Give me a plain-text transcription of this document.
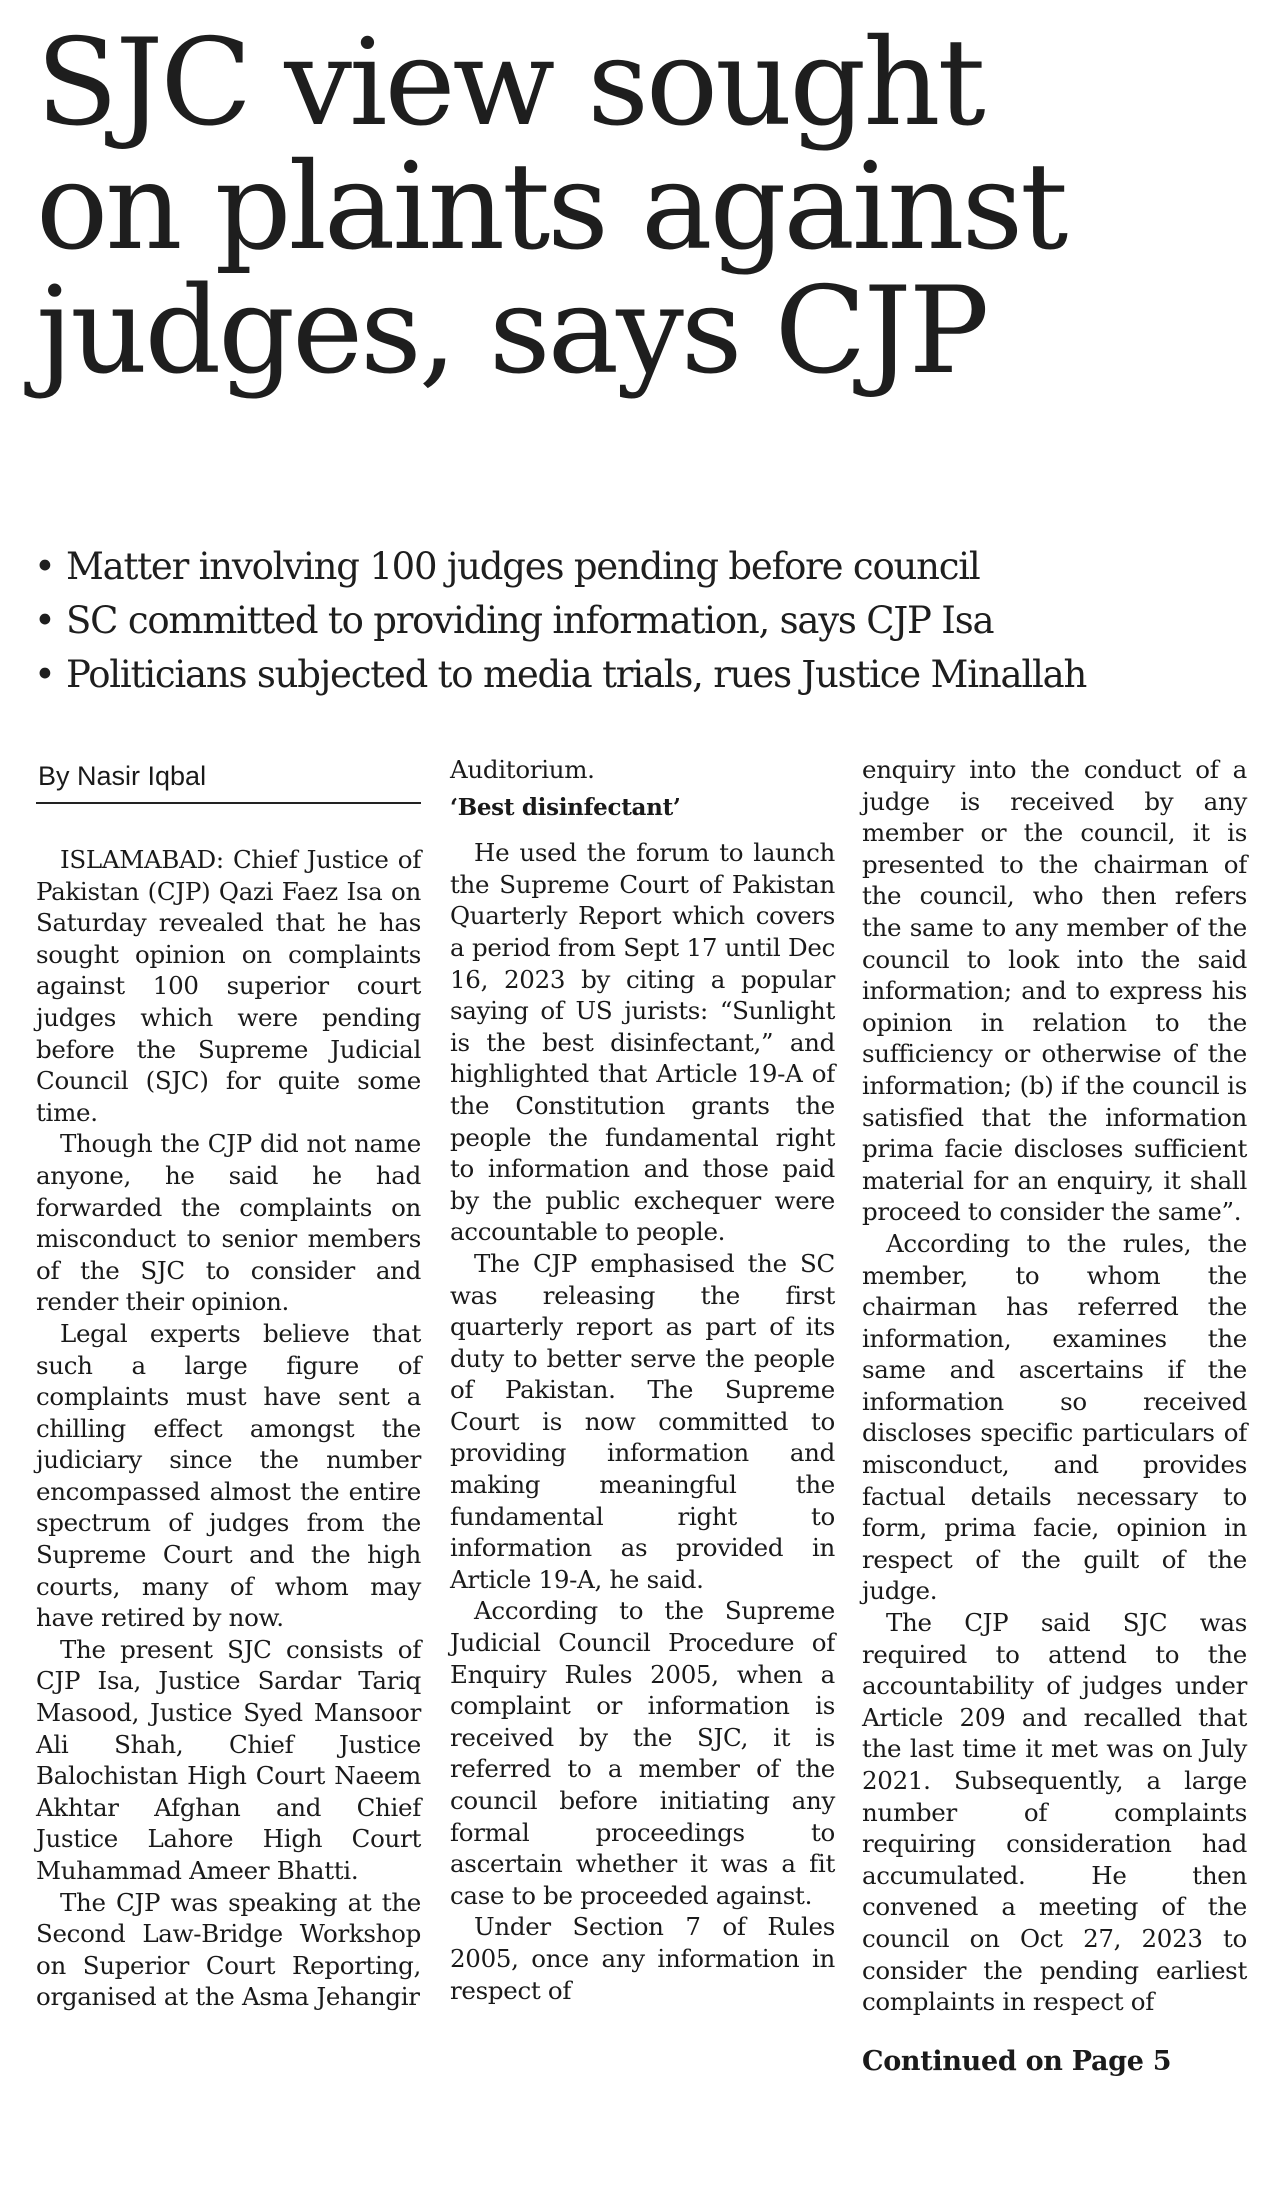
SJC view sought
on plaints against
judges, says CJP
• Matter involving 100 judges pending before council
• SC committed to providing information, says CJP Isa
• Politicians subjected to media trials, rues Justice Minallah
By Nasir Iqbal

ISLAMABAD: Chief Justice of Pakistan (CJP) Qazi Faez Isa on Saturday revealed that he has sought opinion on complaints against 100 superior court judges which were pending before the Supreme Judicial Council (SJC) for quite some time.

Though the CJP did not name anyone, he said he had forwarded the complaints on misconduct to senior members of the SJC to consider and render their opinion.

Legal experts believe that such a large figure of complaints must have sent a chilling effect amongst the judiciary since the number encompassed almost the entire spectrum of judges from the Supreme Court and the high courts, many of whom may have retired by now.

The present SJC consists of CJP Isa, Justice Sardar Tariq Masood, Justice Syed Mansoor Ali Shah, Chief Justice Balochistan High Court Naeem Akhtar Afghan and Chief Justice Lahore High Court Muhammad Ameer Bhatti.

The CJP was speaking at the Second Law-Bridge Workshop on Superior Court Reporting, organised at the Asma Jehangir

Auditorium.

‘Best disinfectant’

He used the forum to launch the Supreme Court of Pakistan Quarterly Report which covers a period from Sept 17 until Dec 16, 2023 by citing a popular saying of US jurists: “Sunlight is the best disinfectant,” and highlighted that Article 19-A of the Constitution grants the people the fundamental right to information and those paid by the public exchequer were accountable to people.

The CJP emphasised the SC was releasing the first quarterly report as part of its duty to better serve the people of Pakistan. The Supreme Court is now committed to providing information and making meaningful the fundamental right to information as provided in Article 19-A, he said.

According to the Supreme Judicial Council Procedure of Enquiry Rules 2005, when a complaint or information is received by the SJC, it is referred to a member of the council before initiating any formal proceedings to ascertain whether it was a fit case to be proceeded against.

Under Section 7 of Rules 2005, once any information in respect of

enquiry into the conduct of a judge is received by any member or the council, it is presented to the chairman of the council, who then refers the same to any member of the council to look into the said information; and to express his opinion in relation to the sufficiency or otherwise of the information; (b) if the council is satisfied that the information prima facie discloses sufficient material for an enquiry, it shall proceed to consider the same”.

According to the rules, the member, to whom the chairman has referred the information, examines the same and ascertains if the information so received discloses specific particulars of misconduct, and provides factual details necessary to form, prima facie, opinion in respect of the guilt of the judge.

The CJP said SJC was required to attend to the accountability of judges under Article 209 and recalled that the last time it met was on July 2021. Subsequently, a large number of complaints requiring consideration had accumulated. He then convened a meeting of the council on Oct 27, 2023 to consider the pending earliest complaints in respect of

Continued on Page 5
